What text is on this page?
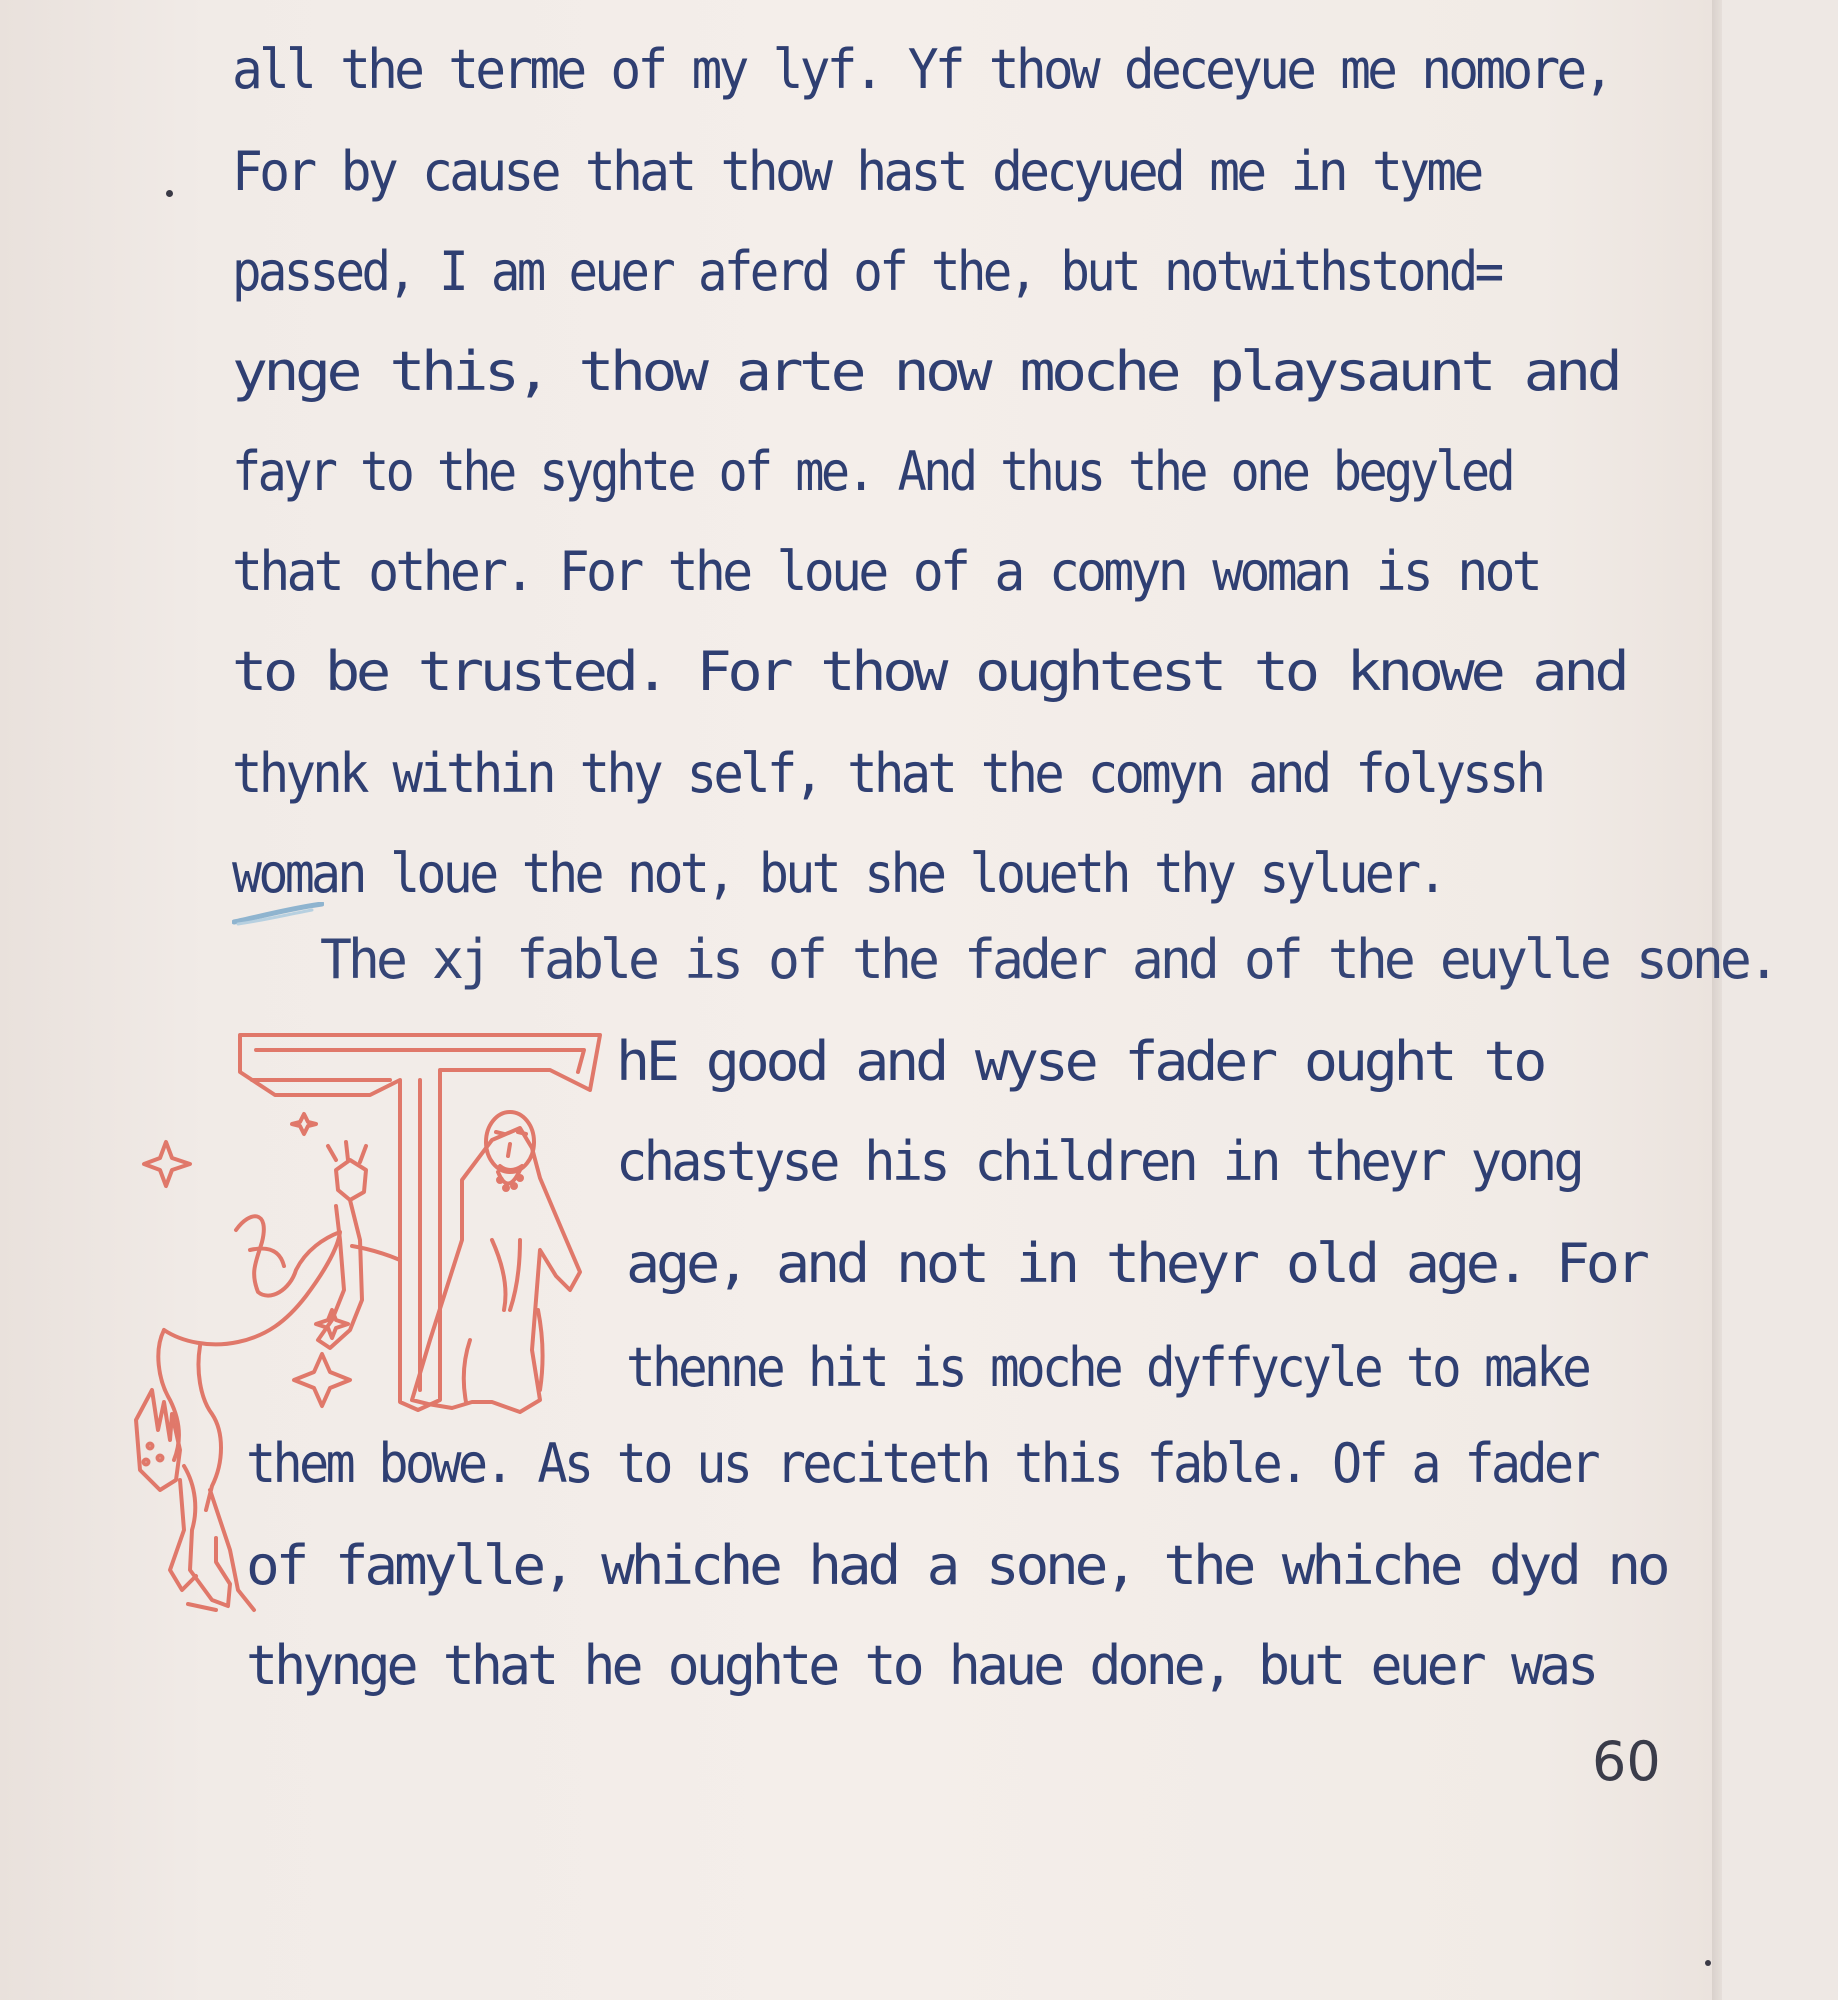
all the terme of my lyf. Yf thow deceyue me nomore,

For by cause that thow hast decyued me in tyme

passed, I am euer aferd of the, but notwithstond=

ynge this, thow arte now moche playsaunt and

fayr to the syghte of me. And thus the one begyled

that other. For the loue of a comyn woman is not

to be trusted. For thow oughtest to knowe and

thynk within thy self, that the comyn and folyssh

woman loue the not, but she loueth thy syluer.

The xj fable is of the fader and of the euylle sone.

hE good and wyse fader ought to

chastyse his children in theyr yong

age, and not in theyr old age. For

thenne hit is moche dyffycyle to make

them bowe. As to us reciteth this fable. Of a fader

of famylle, whiche had a sone, the whiche dyd no

thynge that he oughte to haue done, but euer was

60
